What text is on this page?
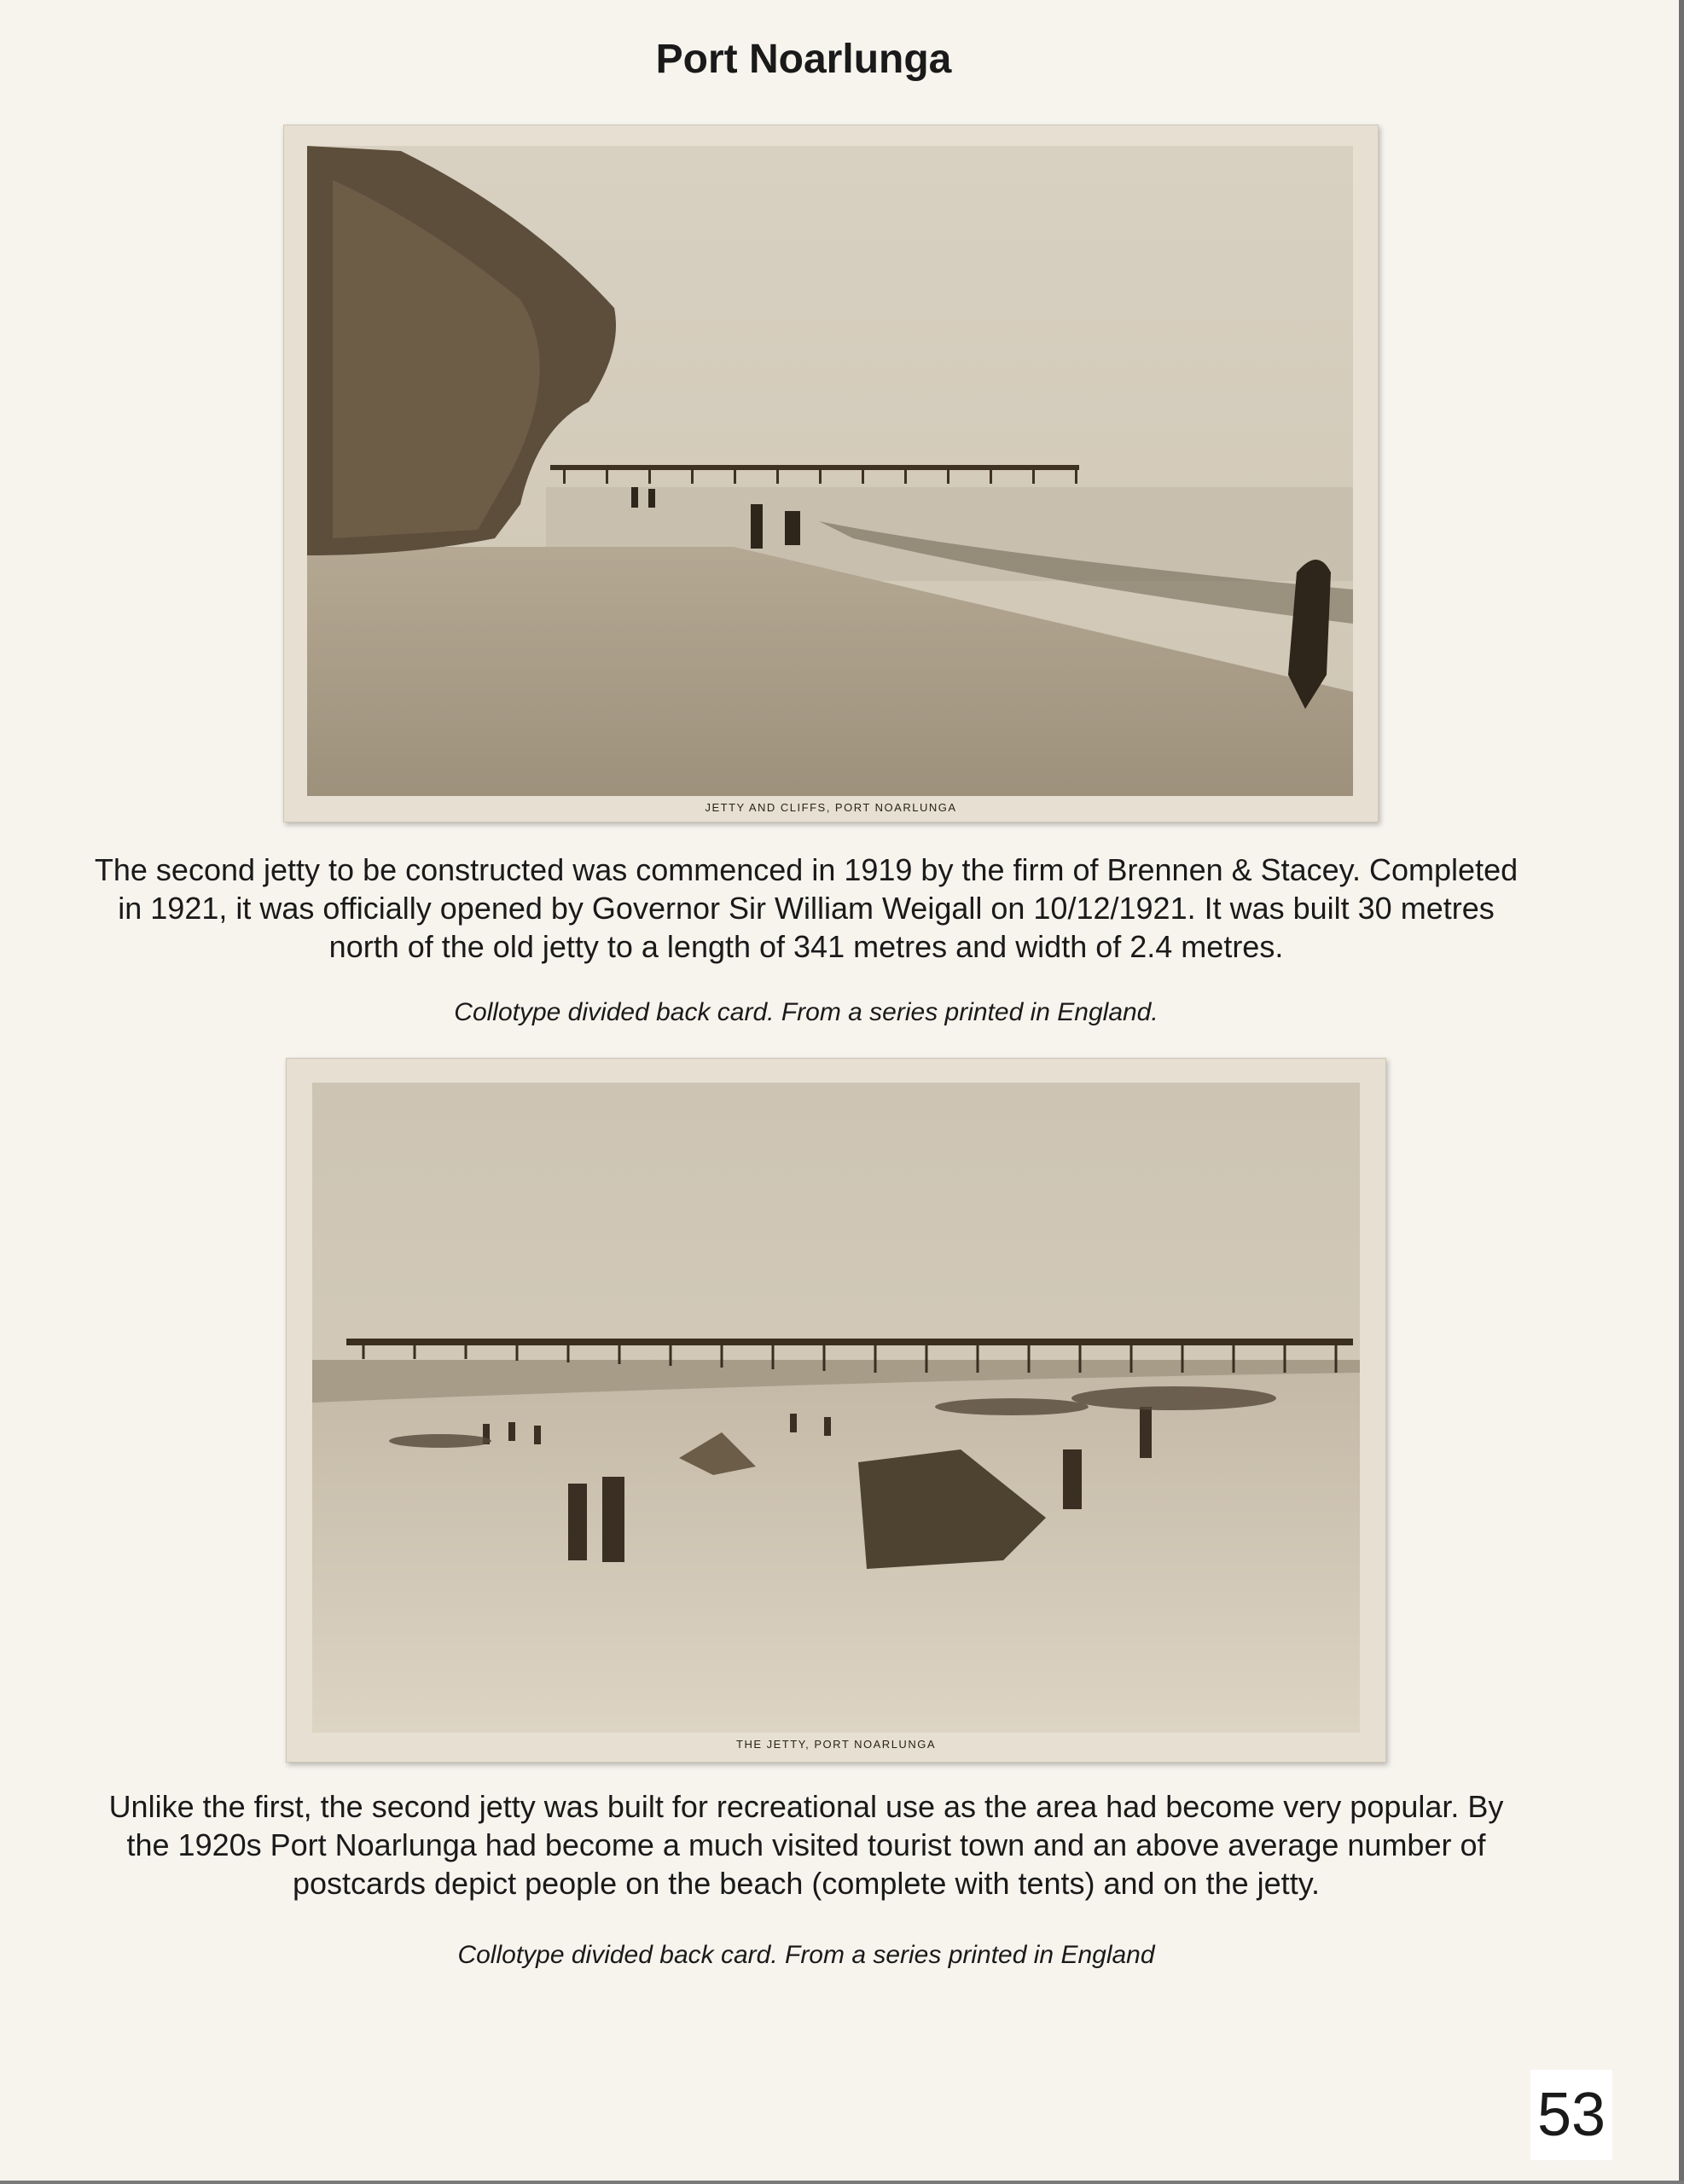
Port Noarlunga
JETTY AND CLIFFS, PORT NOARLUNGA
The second jetty to be constructed was commenced in 1919 by the firm of Brennen & Stacey. Completed in 1921, it was officially opened by Governor Sir William Weigall on 10/12/1921. It was built 30 metres north of the old jetty to a length of 341 metres and width of 2.4 metres.
Collotype divided back card. From a series printed in England.
THE JETTY, PORT NOARLUNGA
Unlike the first, the second jetty was built for recreational use as the area had become very popular. By the 1920s Port Noarlunga had become a much visited tourist town and an above average number of postcards depict people on the beach (complete with tents) and on the jetty.
Collotype divided back card. From a series printed in England
53
